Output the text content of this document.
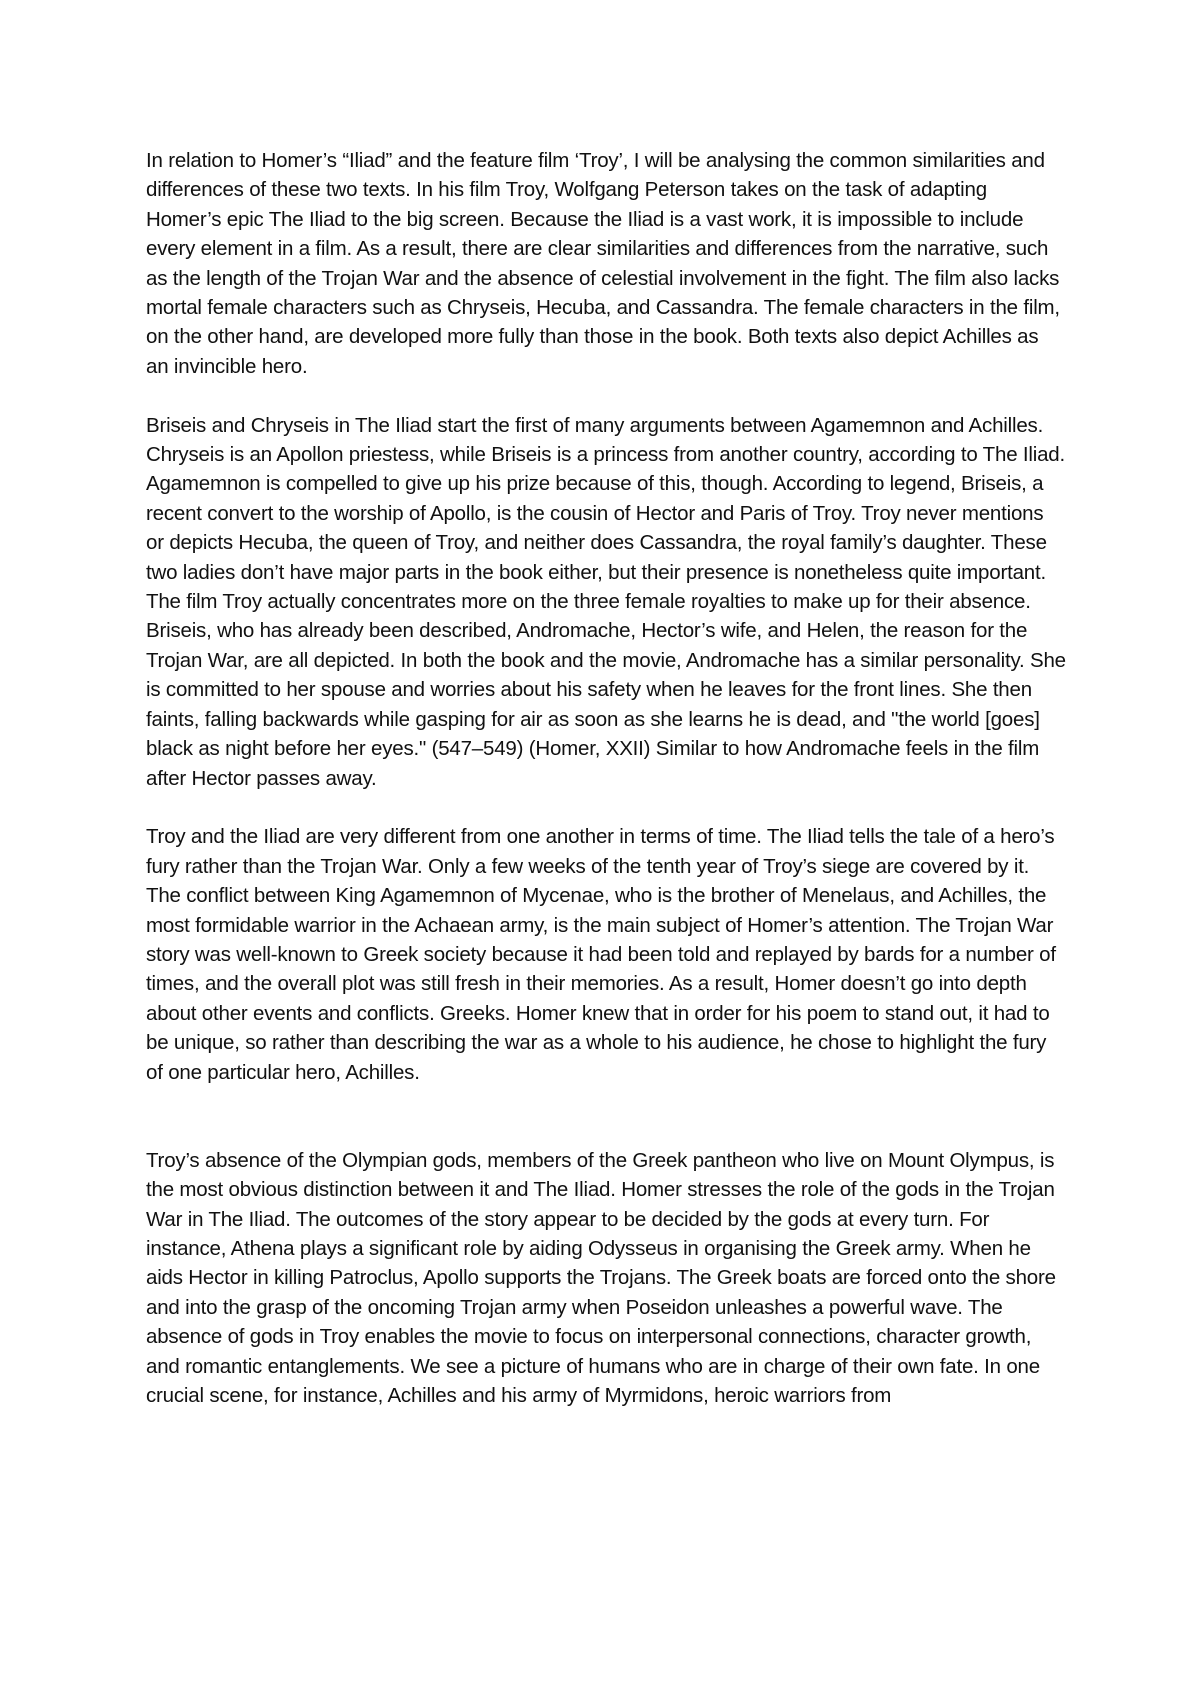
In relation to Homer’s “Iliad” and the feature film ‘Troy’, I will be analysing the common similarities and differences of these two texts. In his film Troy, Wolfgang Peterson takes on the task of adapting Homer’s epic The Iliad to the big screen. Because the Iliad is a vast work, it is impossible to include every element in a film. As a result, there are clear similarities and differences from the narrative, such as the length of the Trojan War and the absence of celestial involvement in the fight. The film also lacks mortal female characters such as Chryseis, Hecuba, and Cassandra. The female characters in the film, on the other hand, are developed more fully than those in the book. Both texts also depict Achilles as an invincible hero.

Briseis and Chryseis in The Iliad start the first of many arguments between Agamemnon and Achilles. Chryseis is an Apollon priestess, while Briseis is a princess from another country, according to The Iliad. Agamemnon is compelled to give up his prize because of this, though. According to legend, Briseis, a recent convert to the worship of Apollo, is the cousin of Hector and Paris of Troy. Troy never mentions or depicts Hecuba, the queen of Troy, and neither does Cassandra, the royal family’s daughter. These two ladies don’t have major parts in the book either, but their presence is nonetheless quite important. The film Troy actually concentrates more on the three female royalties to make up for their absence. Briseis, who has already been described, Andromache, Hector’s wife, and Helen, the reason for the Trojan War, are all depicted. In both the book and the movie, Andromache has a similar personality. She is committed to her spouse and worries about his safety when he leaves for the front lines. She then faints, falling backwards while gasping for air as soon as she learns he is dead, and "the world [goes] black as night before her eyes." (547–549) (Homer, XXII) Similar to how Andromache feels in the film after Hector passes away.

Troy and the Iliad are very different from one another in terms of time. The Iliad tells the tale of a hero’s fury rather than the Trojan War. Only a few weeks of the tenth year of Troy’s siege are covered by it. The conflict between King Agamemnon of Mycenae, who is the brother of Menelaus, and Achilles, the most formidable warrior in the Achaean army, is the main subject of Homer’s attention. The Trojan War story was well-known to Greek society because it had been told and replayed by bards for a number of times, and the overall plot was still fresh in their memories. As a result, Homer doesn’t go into depth about other events and conflicts. Greeks. Homer knew that in order for his poem to stand out, it had to be unique, so rather than describing the war as a whole to his audience, he chose to highlight the fury of one particular hero, Achilles.

Troy’s absence of the Olympian gods, members of the Greek pantheon who live on Mount Olympus, is the most obvious distinction between it and The Iliad. Homer stresses the role of the gods in the Trojan War in The Iliad. The outcomes of the story appear to be decided by the gods at every turn. For instance, Athena plays a significant role by aiding Odysseus in organising the Greek army. When he aids Hector in killing Patroclus, Apollo supports the Trojans. The Greek boats are forced onto the shore and into the grasp of the oncoming Trojan army when Poseidon unleashes a powerful wave. The absence of gods in Troy enables the movie to focus on interpersonal connections, character growth, and romantic entanglements. We see a picture of humans who are in charge of their own fate. In one crucial scene, for instance, Achilles and his army of Myrmidons, heroic warriors from
